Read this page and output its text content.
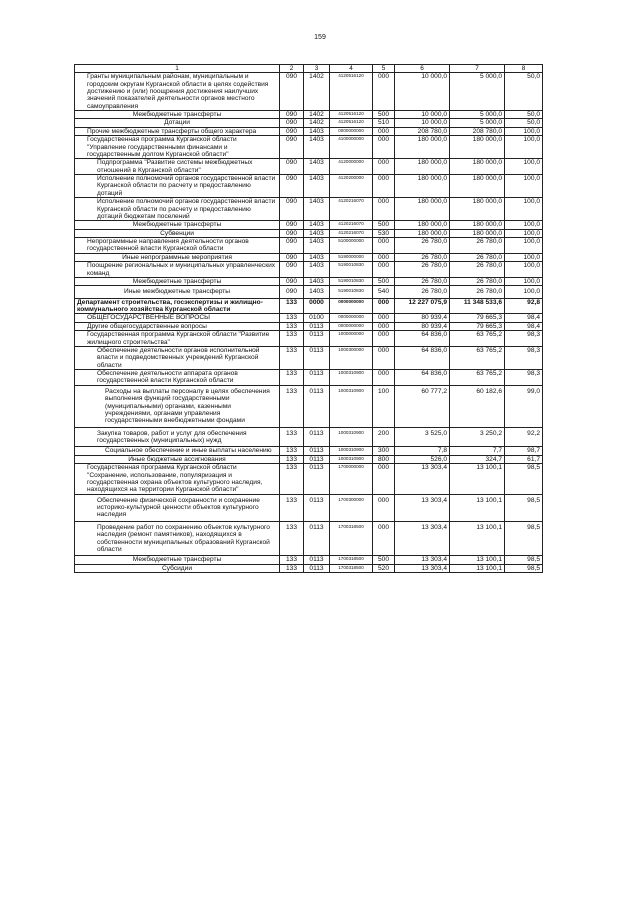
159
1	2	3	4	5	6	7	8
Гранты муниципальным районам, муниципальным и городским округам Курганской области в целях содействия достижению и (или) поощрения достижения наилучших значений показателей деятельности органов местного самоуправления	090	1402	4120516120	000	10 000,0	5 000,0	50,0
Межбюджетные трансферты	090	1402	4120516120	500	10 000,0	5 000,0	50,0
Дотации	090	1402	4120516120	510	10 000,0	5 000,0	50,0
Прочие межбюджетные трансферты общего характера	090	1403	0000000000	000	208 780,0	208 780,0	100,0
Государственная программа Курганской области "Управление государственными финансами и государственным долгом Курганской области"	090	1403	4100000000	000	180 000,0	180 000,0	100,0
Подпрограмма "Развитие системы межбюджетных отношений в Курганской области"	090	1403	4120000000	000	180 000,0	180 000,0	100,0
Исполнение полномочий органов государственной власти Курганской области по расчету и предоставлению дотаций	090	1403	4120200000	000	180 000,0	180 000,0	100,0
Исполнение полномочий органов государственной власти Курганской области по расчету и предоставлению дотаций бюджетам поселений	090	1403	4120216070	000	180 000,0	180 000,0	100,0
Межбюджетные трансферты	090	1403	4120216070	500	180 000,0	180 000,0	100,0
Субвенции	090	1403	4120216070	530	180 000,0	180 000,0	100,0
Непрограммные направления деятельности органов государственной власти Курганской области	090	1403	5100000000	000	26 780,0	26 780,0	100,0
Иные непрограммные мероприятия	090	1403	5190000000	000	26 780,0	26 780,0	100,0
Поощрение региональных и муниципальных управленческих команд	090	1403	5190010830	000	26 780,0	26 780,0	100,0
Межбюджетные трансферты	090	1403	5190010830	500	26 780,0	26 780,0	100,0
Иные межбюджетные трансферты	090	1403	5190010830	540	26 780,0	26 780,0	100,0
Департамент строительства, госэкспертизы и жилищно-коммунального хозяйства Курганской области	133	0000	0000000000	000	12 227 075,9	11 348 533,6	92,8
ОБЩЕГОСУДАРСТВЕННЫЕ ВОПРОСЫ	133	0100	0000000000	000	80 939,4	79 665,3	98,4
Другие общегосударственные вопросы	133	0113	0000000000	000	80 939,4	79 665,3	98,4
Государственная программа Курганской области "Развитие жилищного строительства"	133	0113	1000000000	000	64 836,0	63 765,2	98,3
Обеспечение деятельности органов исполнительной власти и подведомственных учреждений Курганской области	133	0113	1000300000	000	64 836,0	63 765,2	98,3
Обеспечение деятельности аппарата органов государственной власти Курганской области	133	0113	1000310900	000	64 836,0	63 765,2	98,3
Расходы на выплаты персоналу в целях обеспечения выполнения функций государственными (муниципальными) органами, казенными учреждениями, органами управления государственными внебюджетными фондами	133	0113	1000310900	100	60 777,2	60 182,6	99,0
Закупка товаров, работ и услуг для обеспечения государственных (муниципальных) нужд	133	0113	1000310900	200	3 525,0	3 250,2	92,2
Социальное обеспечение и иные выплаты населению	133	0113	1000310900	300	7,8	7,7	98,7
Иные бюджетные ассигнования	133	0113	1000310900	800	526,0	324,7	61,7
Государственная программа Курганской области "Сохранение, использование, популяризация и государственная охрана объектов культурного наследия, находящихся на территории Курганской области"	133	0113	1700000000	000	13 303,4	13 100,1	98,5
Обеспечение физической сохранности и сохранение историко-культурной ценности объектов культурного наследия	133	0113	1700300000	000	13 303,4	13 100,1	98,5
Проведение работ по сохранению объектов культурного наследия (ремонт памятников), находящихся в собственности муниципальных образований Курганской области	133	0113	1700318500	000	13 303,4	13 100,1	98,5
Межбюджетные трансферты	133	0113	1700318500	500	13 303,4	13 100,1	98,5
Субсидии	133	0113	1700318500	520	13 303,4	13 100,1	98,5
